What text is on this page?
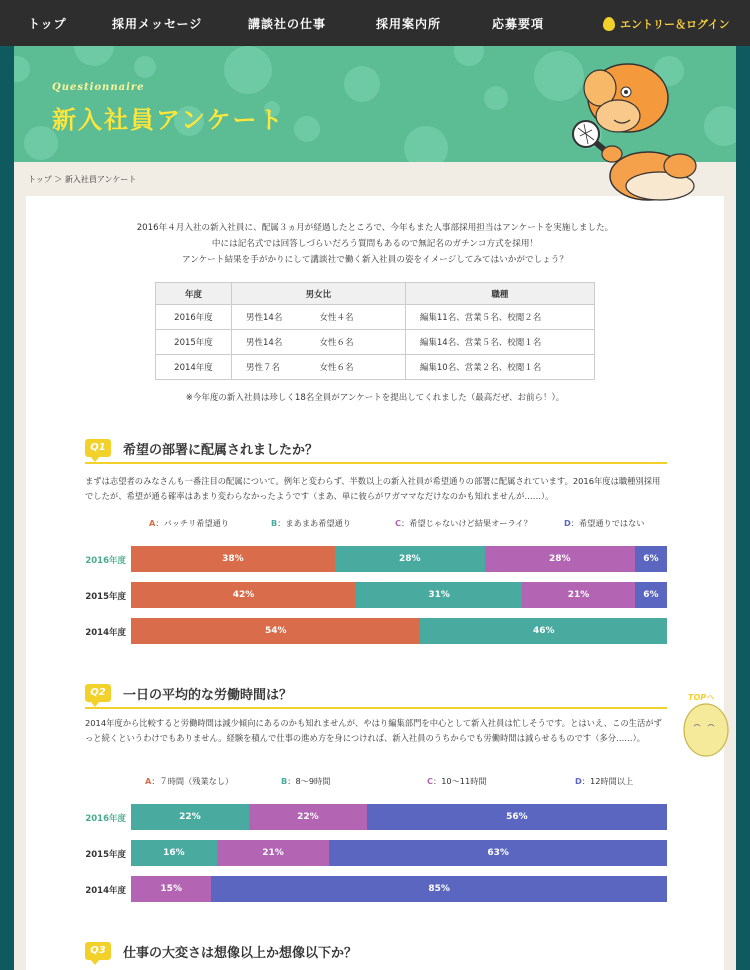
トップ	採用メッセージ	講談社の仕事	採用案内所	応募要項	エントリー＆ログイン
Questionnaire
新入社員アンケート
トップ ＞ 新入社員アンケート
2016年４月入社の新入社員に、配属３ヵ月が経過したところで、今年もまた人事部採用担当はアンケートを実施しました。
中には記名式では回答しづらいだろう質問もあるので無記名のガチンコ方式を採用！
アンケート結果を手がかりにして講談社で働く新入社員の姿をイメージしてみてはいかがでしょう？
年度	男女比		職種
2016年度	男性14名	女性４名	編集11名、営業５名、校閲２名
2015年度	男性14名	女性６名	編集14名、営業５名、校閲１名
2014年度	男性７名	女性６名	編集10名、営業２名、校閲１名
※今年度の新入社員は珍しく18名全員がアンケートを提出してくれました（最高だぜ、お前ら！）。
Q1	希望の部署に配属されましたか？
まずは志望者のみなさんも一番注目の配属について。例年と変わらず、半数以上の新入社員が希望通りの部署に配属されています。2016年度は職種別採用でしたが、希望が通る確率はあまり変わらなかったようです（まあ、単に彼らがワガママなだけなのかも知れませんが……）。
A：バッチリ希望通り	B：まあまあ希望通り	C：希望じゃないけど結果オーライ？	D：希望通りではない
2016年度	38%	28%	28%	6%
2015年度	42%	31%	21%	6%
2014年度	54%	46%
Q2	一日の平均的な労働時間は？
2014年度から比較すると労働時間は減少傾向にあるのかも知れませんが、やはり編集部門を中心として新入社員は忙しそうです。とはいえ、この生活がずっと続くというわけでもありません。経験を積んで仕事の進め方を身につければ、新入社員のうちからでも労働時間は減らせるものです（多分……）。
A：７時間（残業なし）	B：8～9時間	C：10～11時間	D：12時間以上
2016年度	22%	22%	56%
2015年度	16%	21%	63%
2014年度	15%	85%
Q3	仕事の大変さは想像以上か想像以下か？
TOPへ
